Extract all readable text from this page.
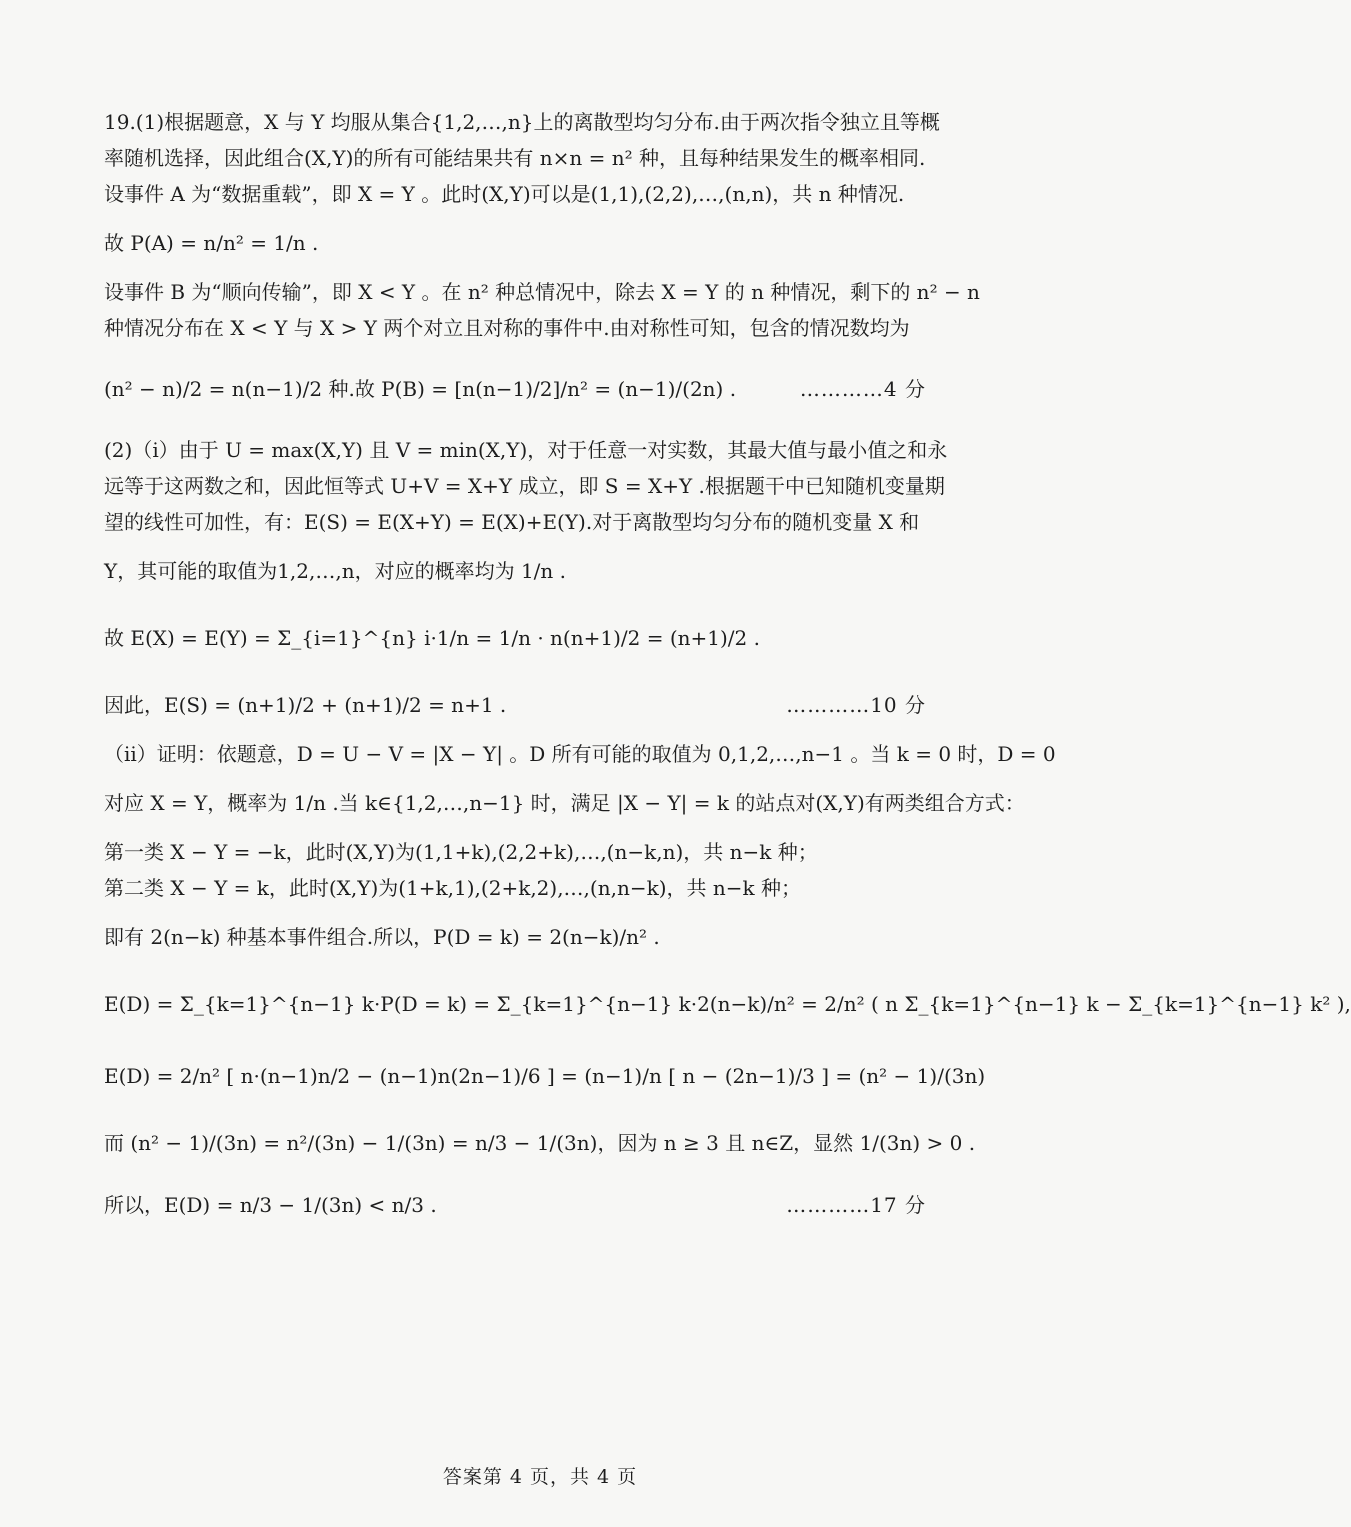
19.(1)根据题意，X 与 Y 均服从集合{1,2,…,n}上的离散型均匀分布.由于两次指令独立且等概
率随机选择，因此组合(X,Y)的所有可能结果共有 n×n = n² 种，且每种结果发生的概率相同.
设事件 A 为“数据重载”，即 X = Y 。此时(X,Y)可以是(1,1),(2,2),…,(n,n)，共 n 种情况.
故 P(A) = n/n² = 1/n .
设事件 B 为“顺向传输”，即 X < Y 。在 n² 种总情况中，除去 X = Y 的 n 种情况，剩下的 n² − n
种情况分布在 X < Y 与 X > Y 两个对立且对称的事件中.由对称性可知，包含的情况数均为
(n² − n)/2 = n(n−1)/2 种.故 P(B) = [n(n−1)/2]/n² = (n−1)/(2n) .	…………4 分
(2)（i）由于 U = max(X,Y) 且 V = min(X,Y)，对于任意一对实数，其最大值与最小值之和永
远等于这两数之和，因此恒等式 U+V = X+Y 成立，即 S = X+Y .根据题干中已知随机变量期
望的线性可加性，有：E(S) = E(X+Y) = E(X)+E(Y).对于离散型均匀分布的随机变量 X 和
Y，其可能的取值为1,2,…,n，对应的概率均为 1/n .
故 E(X) = E(Y) = Σ_{i=1}^{n} i·1/n = 1/n · n(n+1)/2 = (n+1)/2 .
因此，E(S) = (n+1)/2 + (n+1)/2 = n+1 .	…………10 分
（ii）证明：依题意，D = U − V = |X − Y| 。D 所有可能的取值为 0,1,2,…,n−1 。当 k = 0 时，D = 0
对应 X = Y，概率为 1/n .当 k∈{1,2,…,n−1} 时，满足 |X − Y| = k 的站点对(X,Y)有两类组合方式：
第一类 X − Y = −k，此时(X,Y)为(1,1+k),(2,2+k),…,(n−k,n)，共 n−k 种；
第二类 X − Y = k，此时(X,Y)为(1+k,1),(2+k,2),…,(n,n−k)，共 n−k 种；
即有 2(n−k) 种基本事件组合.所以，P(D = k) = 2(n−k)/n² .
E(D) = Σ_{k=1}^{n−1} k·P(D = k) = Σ_{k=1}^{n−1} k·2(n−k)/n² = 2/n² ( n Σ_{k=1}^{n−1} k − Σ_{k=1}^{n−1} k² ),
E(D) = 2/n² [ n·(n−1)n/2 − (n−1)n(2n−1)/6 ] = (n−1)/n [ n − (2n−1)/3 ] = (n² − 1)/(3n)
而 (n² − 1)/(3n) = n²/(3n) − 1/(3n) = n/3 − 1/(3n)，因为 n ≥ 3 且 n∈Z，显然 1/(3n) > 0 .
所以，E(D) = n/3 − 1/(3n) < n/3 .	…………17 分
答案第 4 页，共 4 页
